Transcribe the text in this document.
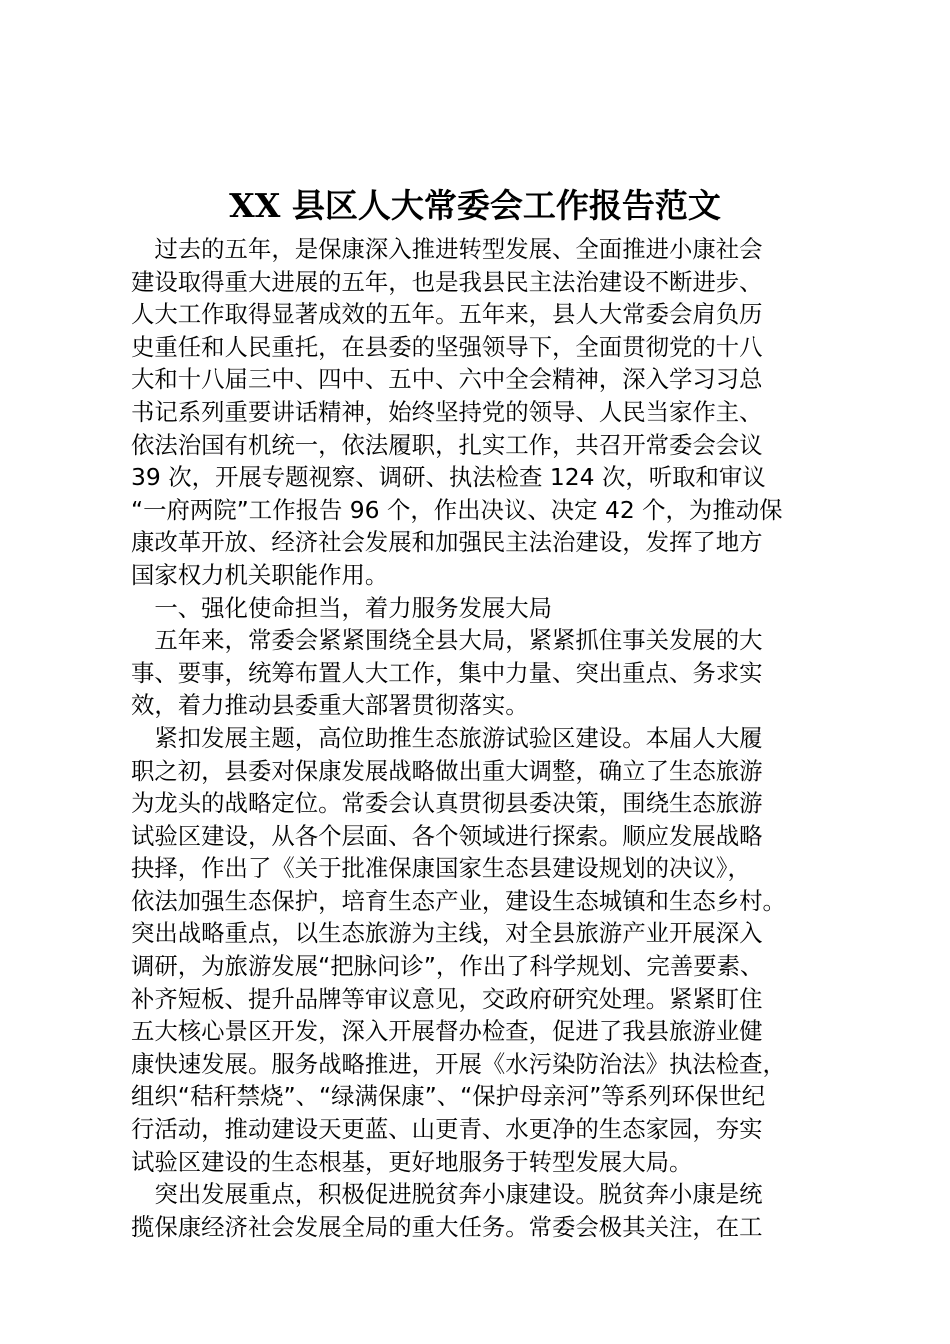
XX 县区人大常委会工作报告范文
　过去的五年，是保康深入推进转型发展、全面推进小康社会
建设取得重大进展的五年，也是我县民主法治建设不断进步、
人大工作取得显著成效的五年。五年来，县人大常委会肩负历
史重任和人民重托，在县委的坚强领导下，全面贯彻党的十八
大和十八届三中、四中、五中、六中全会精神，深入学习习总
书记系列重要讲话精神，始终坚持党的领导、人民当家作主、
依法治国有机统一，依法履职，扎实工作，共召开常委会会议
39 次，开展专题视察、调研、执法检查 124 次，听取和审议
“一府两院”工作报告 96 个，作出决议、决定 42 个，为推动保
康改革开放、经济社会发展和加强民主法治建设，发挥了地方
国家权力机关职能作用。
　一、强化使命担当，着力服务发展大局
　五年来，常委会紧紧围绕全县大局，紧紧抓住事关发展的大
事、要事，统筹布置人大工作，集中力量、突出重点、务求实
效，着力推动县委重大部署贯彻落实。
　紧扣发展主题，高位助推生态旅游试验区建设。本届人大履
职之初，县委对保康发展战略做出重大调整，确立了生态旅游
为龙头的战略定位。常委会认真贯彻县委决策，围绕生态旅游
试验区建设，从各个层面、各个领域进行探索。顺应发展战略
抉择，作出了《关于批准保康国家生态县建设规划的决议》，
依法加强生态保护，培育生态产业，建设生态城镇和生态乡村。
突出战略重点，以生态旅游为主线，对全县旅游产业开展深入
调研，为旅游发展“把脉问诊”，作出了科学规划、完善要素、
补齐短板、提升品牌等审议意见，交政府研究处理。紧紧盯住
五大核心景区开发，深入开展督办检查，促进了我县旅游业健
康快速发展。服务战略推进，开展《水污染防治法》执法检查，
组织“秸秆禁烧”、“绿满保康”、“保护母亲河”等系列环保世纪
行活动，推动建设天更蓝、山更青、水更净的生态家园，夯实
试验区建设的生态根基，更好地服务于转型发展大局。
　突出发展重点，积极促进脱贫奔小康建设。脱贫奔小康是统
揽保康经济社会发展全局的重大任务。常委会极其关注，在工
